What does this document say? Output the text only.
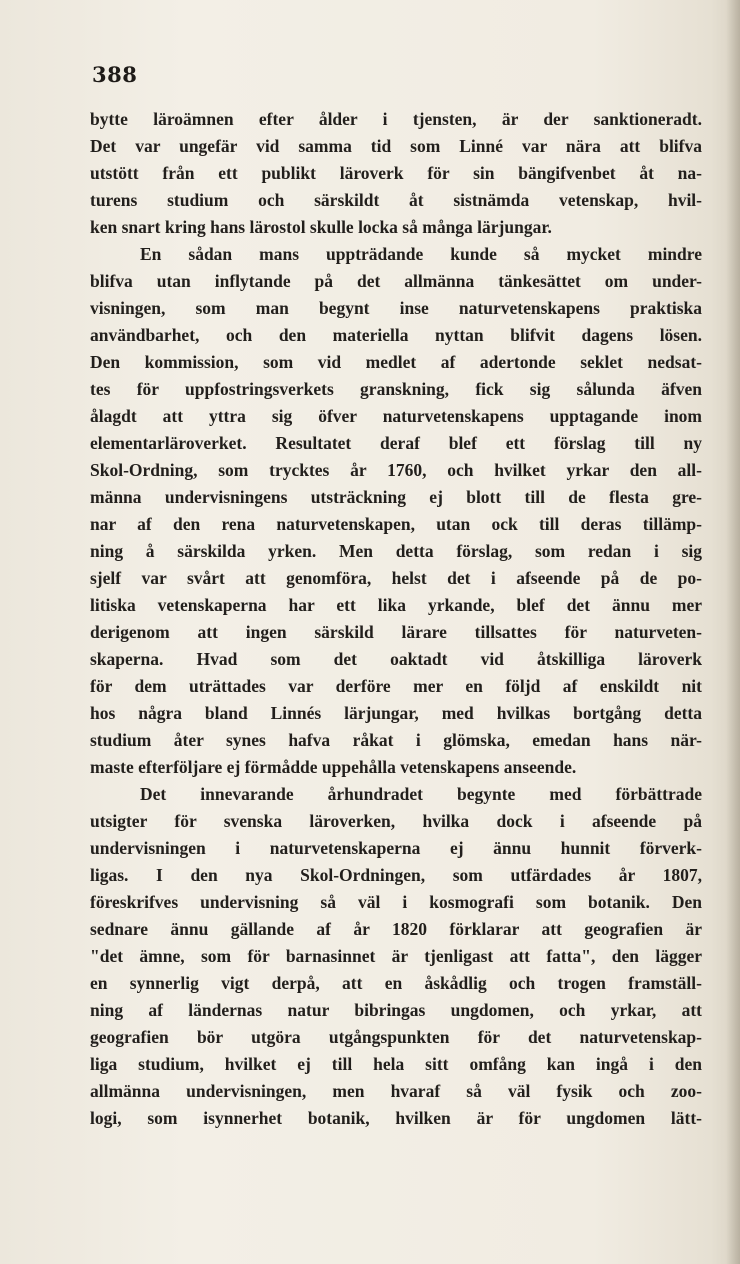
388
bytte läroämnen efter ålder i tjensten, är der sanktioneradt.
Det var ungefär vid samma tid som Linné var nära att blifva
utstött från ett publikt läroverk för sin bängifvenbet åt na-
turens studium och särskildt åt sistnämda vetenskap, hvil-
ken snart kring hans lärostol skulle locka så många lärjungar.
En sådan mans uppträdande kunde så mycket mindre
blifva utan inflytande på det allmänna tänkesättet om under-
visningen, som man begynt inse naturvetenskapens praktiska
användbarhet, och den materiella nyttan blifvit dagens lösen.
Den kommission, som vid medlet af adertonde seklet nedsat-
tes för uppfostringsverkets granskning, fick sig sålunda äfven
ålagdt att yttra sig öfver naturvetenskapens upptagande inom
elementarläroverket. Resultatet deraf blef ett förslag till ny
Skol-Ordning, som trycktes år 1760, och hvilket yrkar den all-
männa undervisningens utsträckning ej blott till de flesta gre-
nar af den rena naturvetenskapen, utan ock till deras tillämp-
ning å särskilda yrken. Men detta förslag, som redan i sig
sjelf var svårt att genomföra, helst det i afseende på de po-
litiska vetenskaperna har ett lika yrkande, blef det ännu mer
derigenom att ingen särskild lärare tillsattes för naturveten-
skaperna. Hvad som det oaktadt vid åtskilliga läroverk
för dem uträttades var derföre mer en följd af enskildt nit
hos några bland Linnés lärjungar, med hvilkas bortgång detta
studium åter synes hafva råkat i glömska, emedan hans när-
maste efterföljare ej förmådde uppehålla vetenskapens anseende.
Det innevarande århundradet begynte med förbättrade
utsigter för svenska läroverken, hvilka dock i afseende på
undervisningen i naturvetenskaperna ej ännu hunnit förverk-
ligas. I den nya Skol-Ordningen, som utfärdades år 1807,
föreskrifves undervisning så väl i kosmografi som botanik. Den
sednare ännu gällande af år 1820 förklarar att geografien är
"det ämne, som för barnasinnet är tjenligast att fatta", den lägger
en synnerlig vigt derpå, att en åskådlig och trogen framställ-
ning af ländernas natur bibringas ungdomen, och yrkar, att
geografien bör utgöra utgångspunkten för det naturvetenskap-
liga studium, hvilket ej till hela sitt omfång kan ingå i den
allmänna undervisningen, men hvaraf så väl fysik och zoo-
logi, som isynnerhet botanik, hvilken är för ungdomen lätt-
